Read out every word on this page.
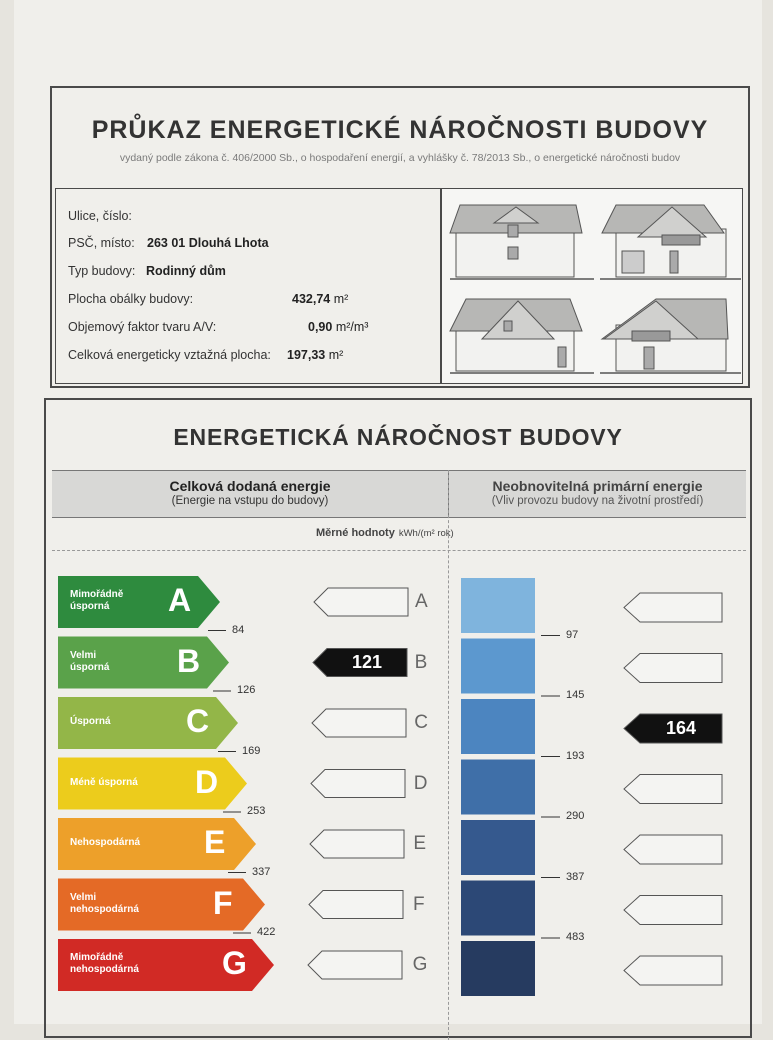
PRŮKAZ ENERGETICKÉ NÁROČNOSTI BUDOVY
vydaný podle zákona č. 406/2000 Sb., o hospodaření energií, a vyhlášky č. 78/2013 Sb., o energetické náročnosti budov
Ulice, číslo:
PSČ, místo: 263 01 Dlouhá Lhota
Typ budovy: Rodinný dům
Plocha obálky budovy:	432,74 m²
Objemový faktor tvaru A/V:	0,90 m²/m³
Celková energeticky vztažná plocha: 197,33 m²
ENERGETICKÁ NÁROČNOST BUDOVY
Celková dodaná energie
(Energie na vstupu do budovy)
Neobnovitelná primární energie
(Vliv provozu budovy na životní prostředí)
Měrné hodnoty kWh/(m² rok)
Mimořádně
úsporná A	A
Velmi
úsporná B	121	B
Úsporná C	C	164
Méně úsporná D	D
Nehospodárná E	E
Velmi
nehospodárná F	F
Mimořádně
nehospodárná	G	G
84
126
169
253
337
422
97
145
193
290
387
483
